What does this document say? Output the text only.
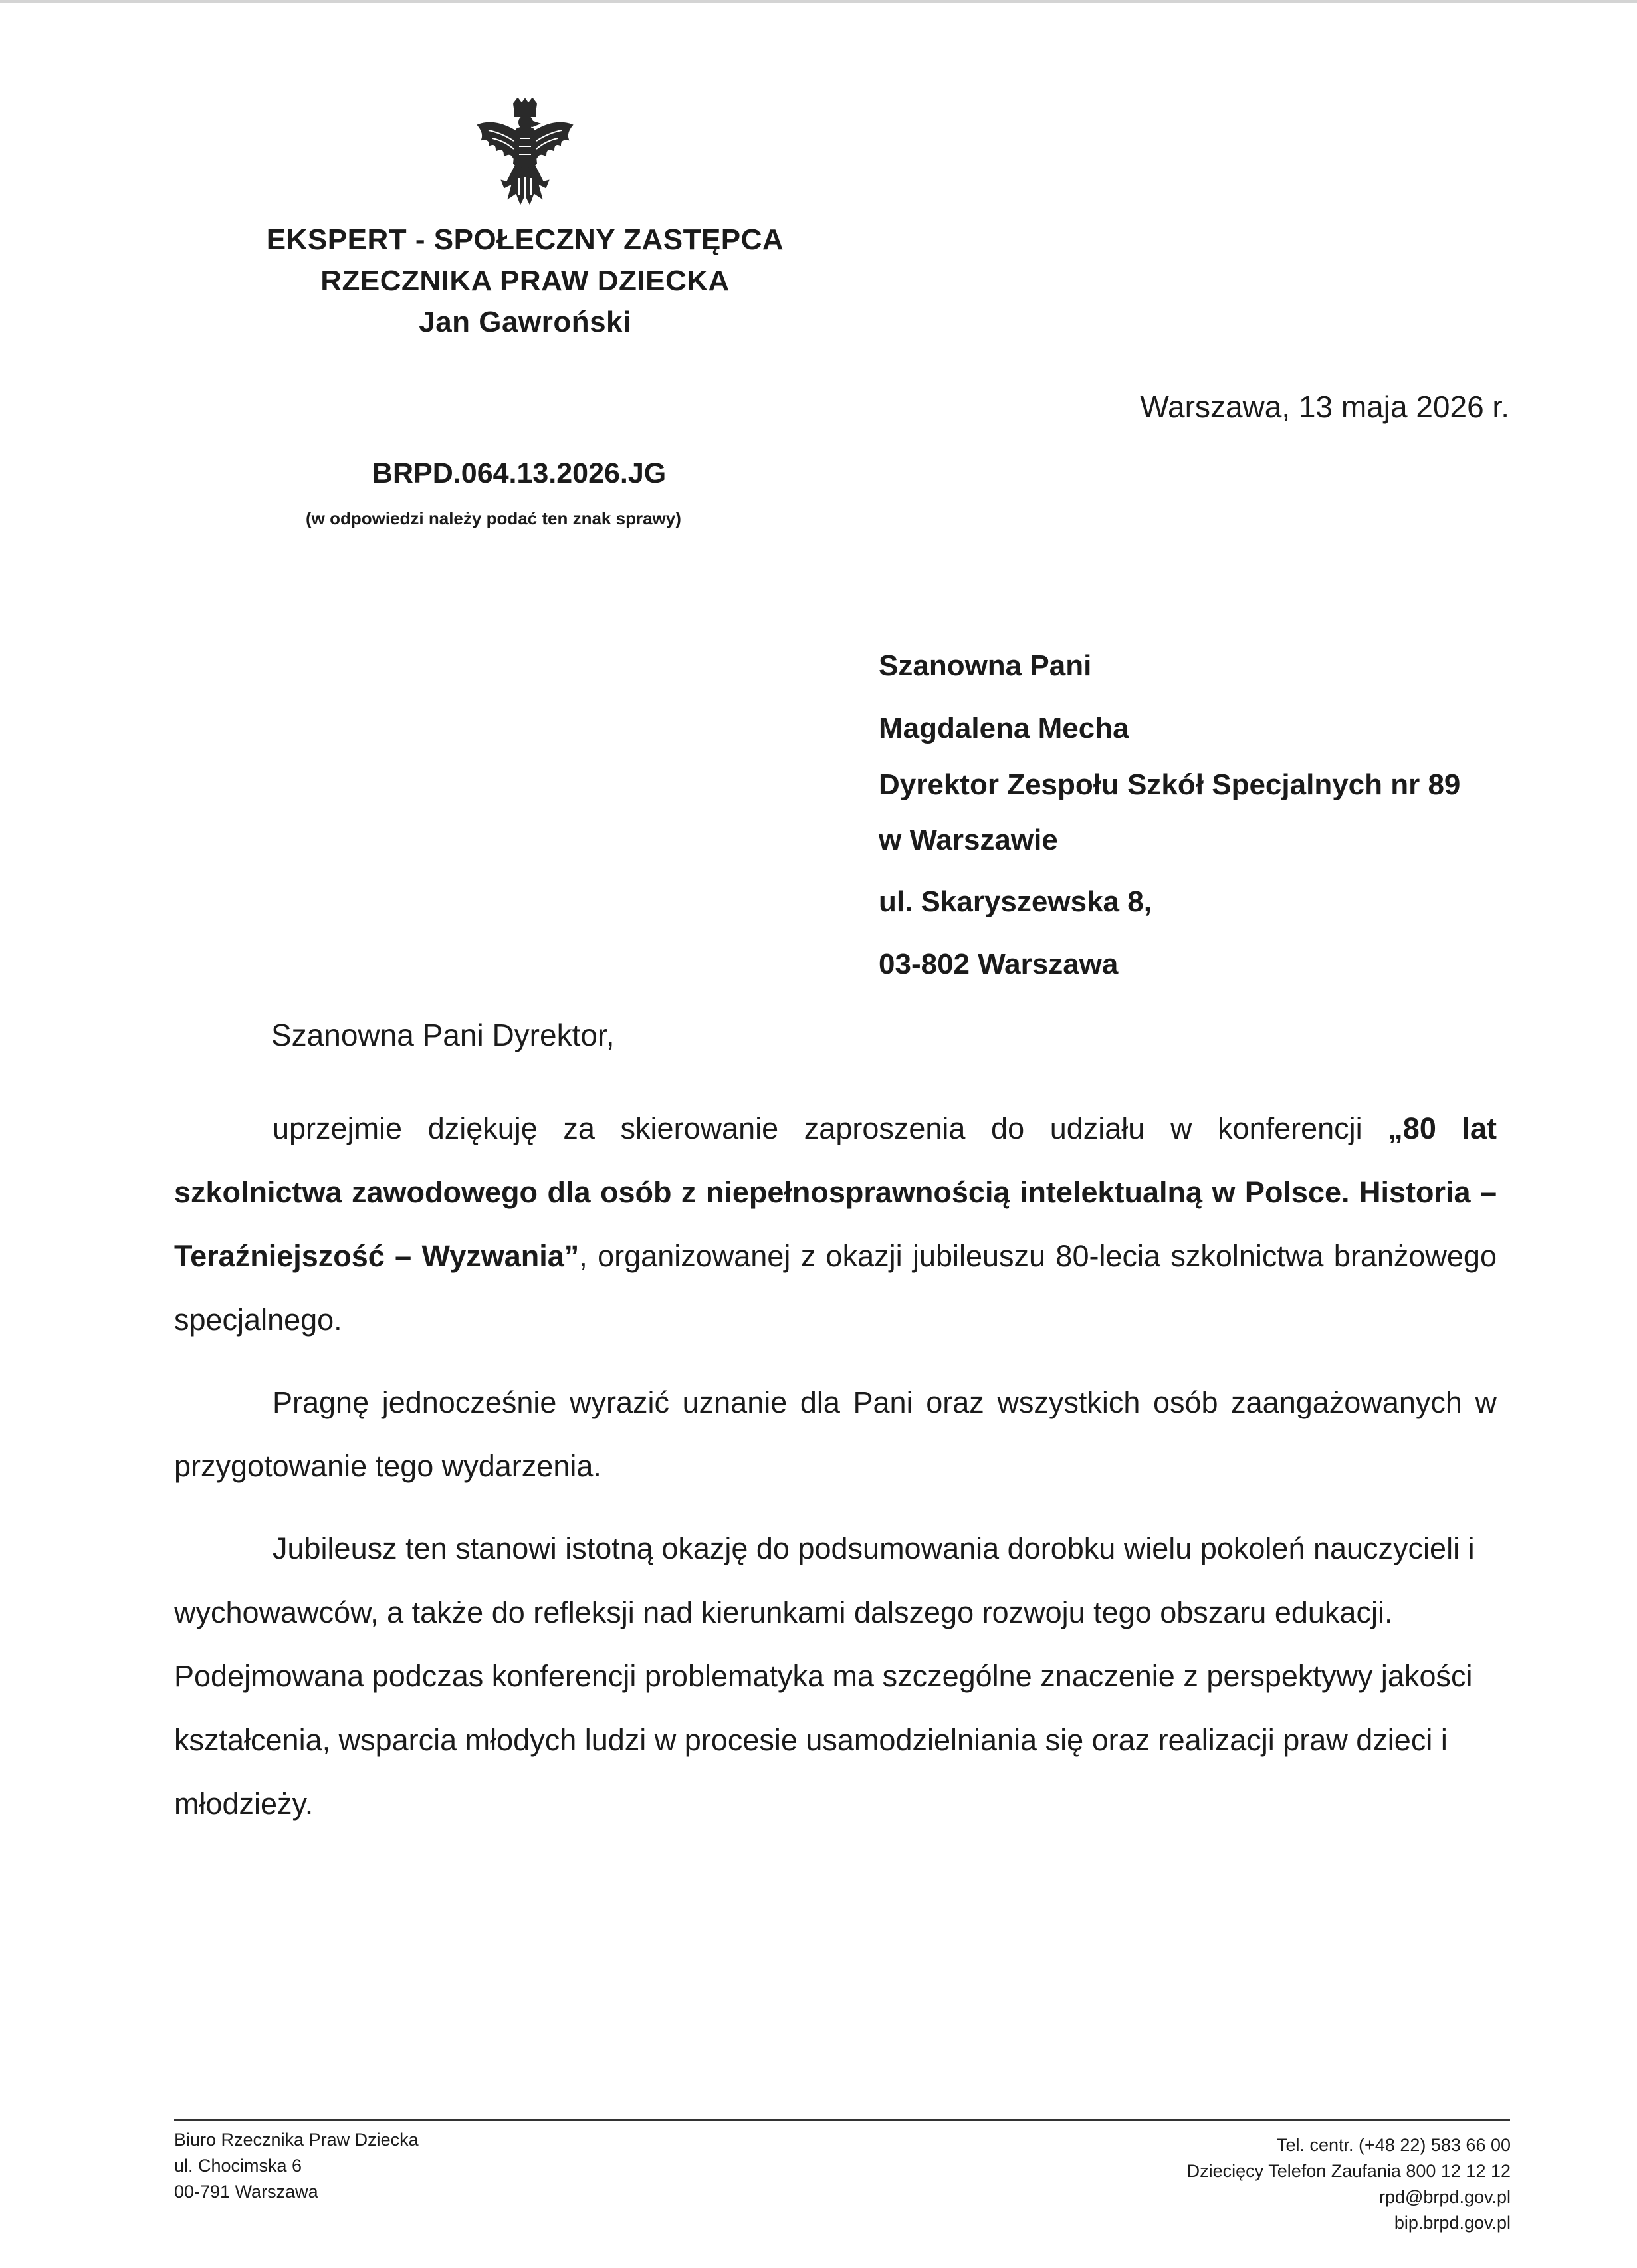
EKSPERT - SPOŁECZNY ZASTĘPCA
RZECZNIKA PRAW DZIECKA
Jan Gawroński
Warszawa, 13 maja 2026 r.
BRPD.064.13.2026.JG
(w odpowiedzi należy podać ten znak sprawy)
Szanowna Pani
Magdalena Mecha
Dyrektor Zespołu Szkół Specjalnych nr 89
w Warszawie
ul. Skaryszewska 8,
03-802 Warszawa
Szanowna Pani Dyrektor,

uprzejmie dziękuję za skierowanie zaproszenia do udziału w konferencji „80 lat szkolnictwa zawodowego dla osób z niepełnosprawnością intelektualną w Polsce. Historia – Teraźniejszość – Wyzwania”, organizowanej z okazji jubileuszu 80-lecia szkolnictwa branżowego specjalnego.

Pragnę jednocześnie wyrazić uznanie dla Pani oraz wszystkich osób zaangażowanych w przygotowanie tego wydarzenia.

Jubileusz ten stanowi istotną okazję do podsumowania dorobku wielu pokoleń nauczycieli i wychowawców, a także do refleksji nad kierunkami dalszego rozwoju tego obszaru edukacji. Podejmowana podczas konferencji problematyka ma szczególne znaczenie z perspektywy jakości kształcenia, wsparcia młodych ludzi w procesie usamodzielniania się oraz realizacji praw dzieci i młodzieży.

Biuro Rzecznika Praw Dziecka
ul. Chocimska 6
00-791 Warszawa
Tel. centr. (+48 22) 583 66 00
Dziecięcy Telefon Zaufania 800 12 12 12
rpd@brpd.gov.pl
bip.brpd.gov.pl
